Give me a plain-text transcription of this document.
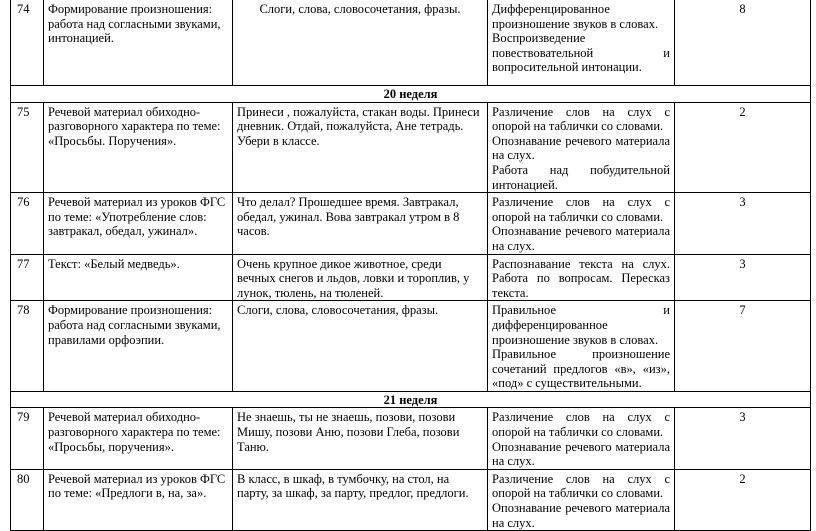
74	Формирование произношения: работа над согласными звуками, интонацией.	Слоги, слова, словосочетания, фразы.	Дифференцированное произношение звуков в словах.
Воспроизведение повествовательной и вопросительной интонации.	8
20 неделя				
75	Речевой материал обиходно-разговорного характера по теме: «Просьбы. Поручения».	Принеси , пожалуйста, стакан воды. Принеси дневник. Отдай, пожалуйста, Ане тетрадь. Убери в классе.	Различение слов на слух с опорой на таблички со словами.
Опознавание речевого материала на слух.
Работа над побудительной интонацией.	2
76	Речевой материал из уроков ФГС по теме: «Употребление слов: завтракал, обедал, ужинал».	Что делал? Прошедшее время. Завтракал, обедал, ужинал. Вова завтракал утром в 8 часов.	Различение слов на слух с опорой на таблички со словами.
Опознавание речевого материала на слух.	3
77	Текст: «Белый медведь».	Очень крупное дикое животное, среди вечных снегов и льдов, ловки и тороплив, у лунок, тюлень, на тюленей.	Распознавание текста на слух. Работа по вопросам. Пересказ текста.	3
78	Формирование произношения: работа над согласными звуками, правилами орфоэпии.	Слоги, слова, словосочетания, фразы.	Правильное и дифференцированное произношение звуков в словах.
Правильное произношение сочетаний предлогов «в», «из», «под» с существительными.	7
21 неделя				
79	Речевой материал обиходно-разговорного характера по теме: «Просьбы, поручения».	Не знаешь, ты не знаешь, позови, позови Мишу, позови Аню, позови Глеба, позови Таню.	Различение слов на слух с опорой на таблички со словами.
Опознавание речевого материала на слух.	3
80	Речевой материал из уроков ФГС по теме: «Предлоги в, на, за».	В класс, в шкаф, в тумбочку, на стол, на парту, за шкаф, за парту, предлог, предлоги.	Различение слов на слух с опорой на таблички со словами.
Опознавание речевого материала на слух.	2
